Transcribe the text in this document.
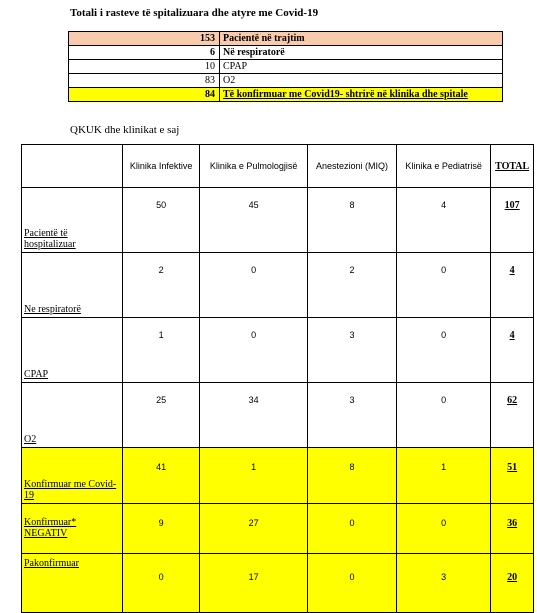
Totali i rasteve të spitalizuara dhe atyre me Covid-19
153	Pacientë në trajtim
6	Në respiratorë
10	CPAP
83	O2
84	Të konfirmuar me Covid19- shtrirë në klinika dhe spitale
QKUK dhe klinikat e saj
	Klinika Infektive	Klinika e Pulmologjisë	Anestezioni (MIQ)	Klinika e Pediatrisë	TOTAL
Pacientë të hospitalizuar	50	45	8	4	107
Ne respiratorë	2	0	2	0	4
CPAP	1	0	3	0	4
O2	25	34	3	0	62
Konfirmuar me Covid-19	41	1	8	1	51
Konfirmuar* NEGATIV	9	27	0	0	36
Pakonfirmuar	0	17	0	3	20
